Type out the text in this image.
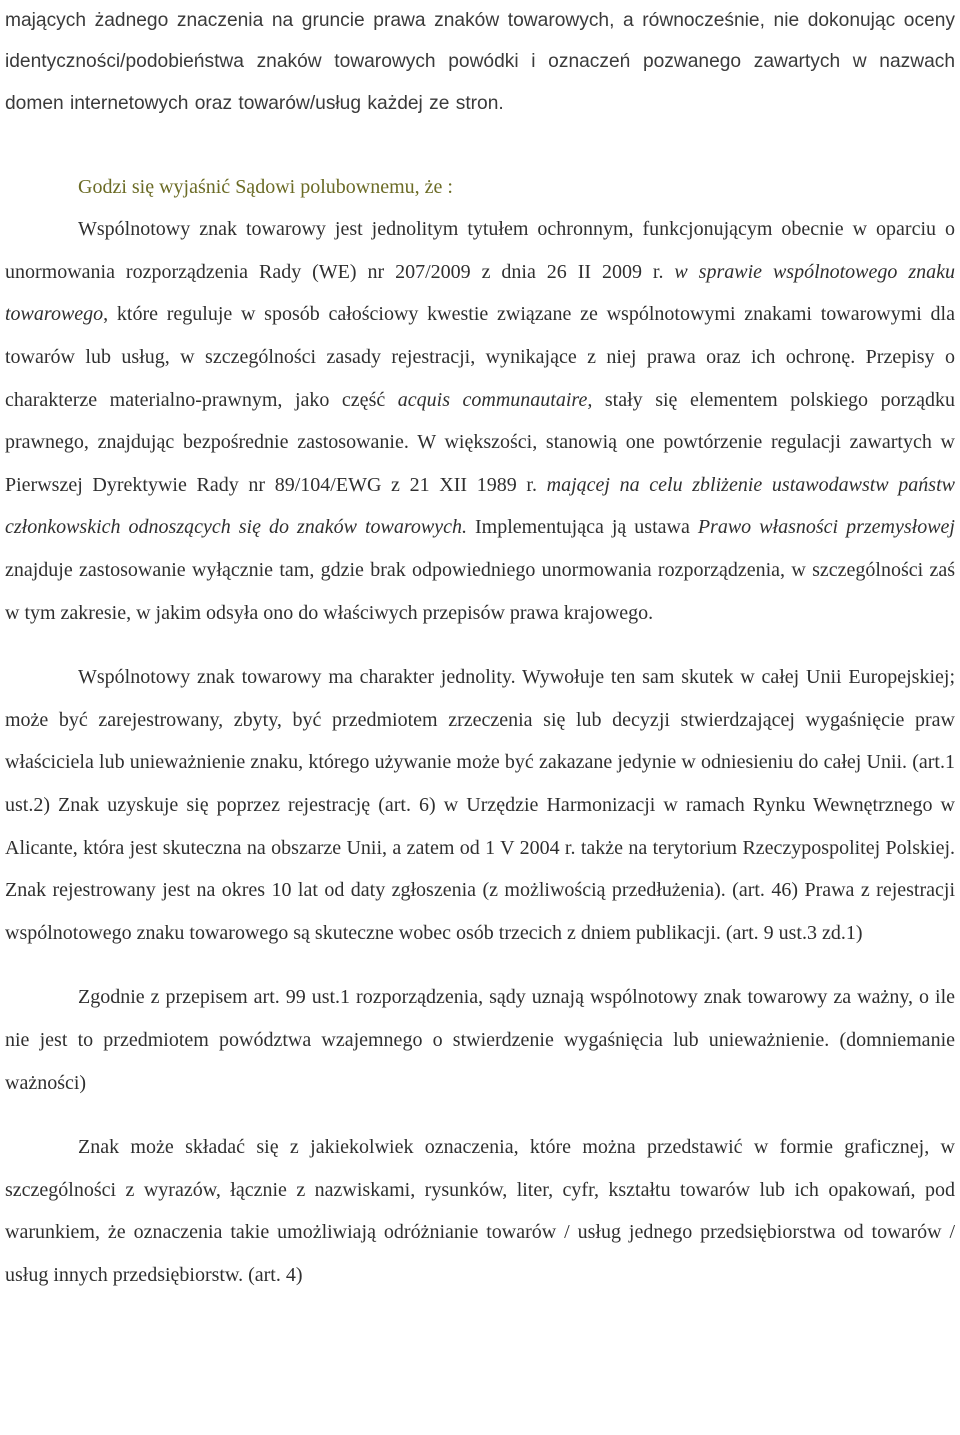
mających żadnego znaczenia na gruncie prawa znaków towarowych, a równocześnie, nie dokonując oceny identyczności/podobieństwa znaków towarowych powódki i oznaczeń pozwanego zawartych w nazwach domen internetowych oraz towarów/usług każdej ze stron.

Godzi się wyjaśnić Sądowi polubownemu, że :

Wspólnotowy znak towarowy jest jednolitym tytułem ochronnym, funkcjonującym obecnie w oparciu o unormowania rozporządzenia Rady (WE) nr 207/2009 z dnia 26 II 2009 r. w sprawie wspólnotowego znaku towarowego, które reguluje w sposób całościowy kwestie związane ze wspólnotowymi znakami towarowymi dla towarów lub usług, w szczególności zasady rejestracji, wynikające z niej prawa oraz ich ochronę. Przepisy o charakterze materialno-prawnym, jako część acquis communautaire, stały się elementem polskiego porządku prawnego, znajdując bezpośrednie zastosowanie. W większości, stanowią one powtórzenie regulacji zawartych w Pierwszej Dyrektywie Rady nr 89/104/EWG z 21 XII 1989 r. mającej na celu zbliżenie ustawodawstw państw członkowskich odnoszących się do znaków towarowych. Implementująca ją ustawa Prawo własności przemysłowej znajduje zastosowanie wyłącznie tam, gdzie brak odpowiedniego unormowania rozporządzenia, w szczególności zaś w tym zakresie, w jakim odsyła ono do właściwych przepisów prawa krajowego.

Wspólnotowy znak towarowy ma charakter jednolity. Wywołuje ten sam skutek w całej Unii Europejskiej; może być zarejestrowany, zbyty, być przedmiotem zrzeczenia się lub decyzji stwierdzającej wygaśnięcie praw właściciela lub unieważnienie znaku, którego używanie może być zakazane jedynie w odniesieniu do całej Unii. (art.1 ust.2) Znak uzyskuje się poprzez rejestrację (art. 6) w Urzędzie Harmonizacji w ramach Rynku Wewnętrznego w Alicante, która jest skuteczna na obszarze Unii, a zatem od 1 V 2004 r. także na terytorium Rzeczypospolitej Polskiej. Znak rejestrowany jest na okres 10 lat od daty zgłoszenia (z możliwością przedłużenia). (art. 46) Prawa z rejestracji wspólnotowego znaku towarowego są skuteczne wobec osób trzecich z dniem publikacji. (art. 9 ust.3 zd.1)

Zgodnie z przepisem art. 99 ust.1 rozporządzenia, sądy uznają wspólnotowy znak towarowy za ważny, o ile nie jest to przedmiotem powództwa wzajemnego o stwierdzenie wygaśnięcia lub unieważnienie. (domniemanie ważności)

Znak może składać się z jakiekolwiek oznaczenia, które można przedstawić w formie graficznej, w szczególności z wyrazów, łącznie z nazwiskami, rysunków, liter, cyfr, kształtu towarów lub ich opakowań, pod warunkiem, że oznaczenia takie umożliwiają odróżnianie towarów / usług jednego przedsiębiorstwa od towarów / usług innych przedsiębiorstw. (art. 4)
